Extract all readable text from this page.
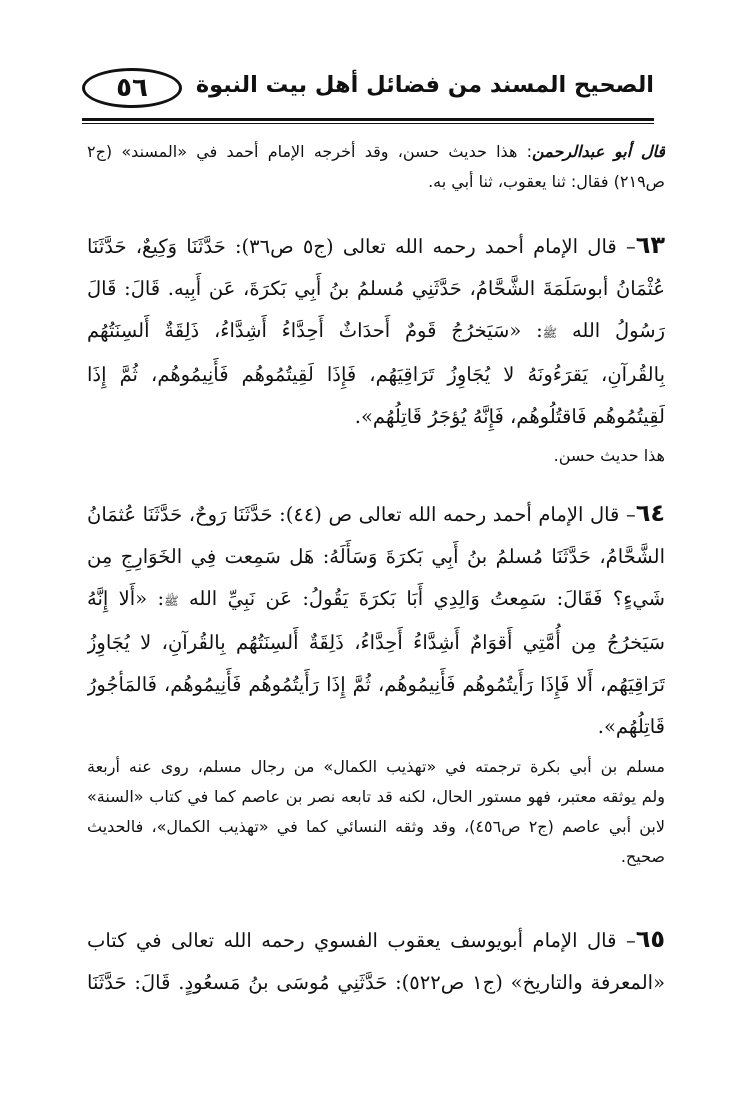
الصحيح المسند من فضائل أهل بيت النبوة
٥٦
قال أبو عبدالرحمن: هذا حديث حسن، وقد أخرجه الإمام أحمد في «المسند» (ج٢
ص٢١٩) فقال: ثنا يعقوب، ثنا أبي به.
٦٣– قال الإمام أحمد رحمه الله تعالى (ج٥ ص٣٦): حَدَّثَنَا وَكِيعٌ، حَدَّثَنَا
عُثْمَانُ أبوسَلَمَةَ الشَّحَّامُ، حَدَّثَنِي مُسلمُ بنُ أَبِي بَكرَةَ، عَن أَبِيه. قَالَ: قَالَ
رَسُولُ الله ﷺ: «سَيَخرُجُ قَومٌ أَحدَاثٌ أَحِدَّاءُ أَشِدَّاءُ، ذَلِقَةٌ أَلسِنَتُهُم
بِالقُرآنِ، يَقرَءُونَهُ لا يُجَاوِزُ تَرَاقِيَهُم، فَإِذَا لَقِيتُمُوهُم فَأَنِيمُوهُم، ثُمَّ إِذَا
لَقِيتُمُوهُم فَاقتُلُوهُم، فَإِنَّهُ يُؤجَرُ قَاتِلُهُم».
هذا حديث حسن.
٦٤– قال الإمام أحمد رحمه الله تعالى ص (٤٤): حَدَّثَنَا رَوحٌ، حَدَّثَنَا عُثمَانُ
الشَّحَّامُ، حَدَّثَنَا مُسلمُ بنُ أَبِي بَكرَةَ وَسَأَلَهُ: هَل سَمِعت فِي الخَوَارِجِ مِن
شَيءٍ؟ فَقَالَ: سَمِعتُ وَالِدِي أَبَا بَكرَةَ يَقُولُ: عَن نَبِيِّ الله ﷺ: «أَلا إِنَّهُ
سَيَخرُجُ مِن أُمَّتِي أَقوَامٌ أَشِدَّاءُ أَحِدَّاءُ، ذَلِقَةٌ أَلسِنَتُهُم بِالقُرآنِ، لا يُجَاوِزُ
تَرَاقِيَهُم، أَلا فَإِذَا رَأَيتُمُوهُم فَأَنِيمُوهُم، ثُمَّ إِذَا رَأَيتُمُوهُم فَأَنِيمُوهُم، فَالمَأجُورُ
قَاتِلُهُم».
مسلم بن أبي بكرة ترجمته في «تهذيب الكمال» من رجال مسلم، روى عنه أربعة
ولم يوثقه معتبر، فهو مستور الحال، لكنه قد تابعه نصر بن عاصم كما في كتاب «السنة»
لابن أبي عاصم (ج٢ ص٤٥٦)، وقد وثقه النسائي كما في «تهذيب الكمال»، فالحديث
صحيح.
٦٥– قال الإمام أبويوسف يعقوب الفسوي رحمه الله تعالى في كتاب
«المعرفة والتاريخ» (ج١ ص٥٢٢): حَدَّثَنِي مُوسَى بنُ مَسعُودٍ. قَالَ: حَدَّثَنَا
